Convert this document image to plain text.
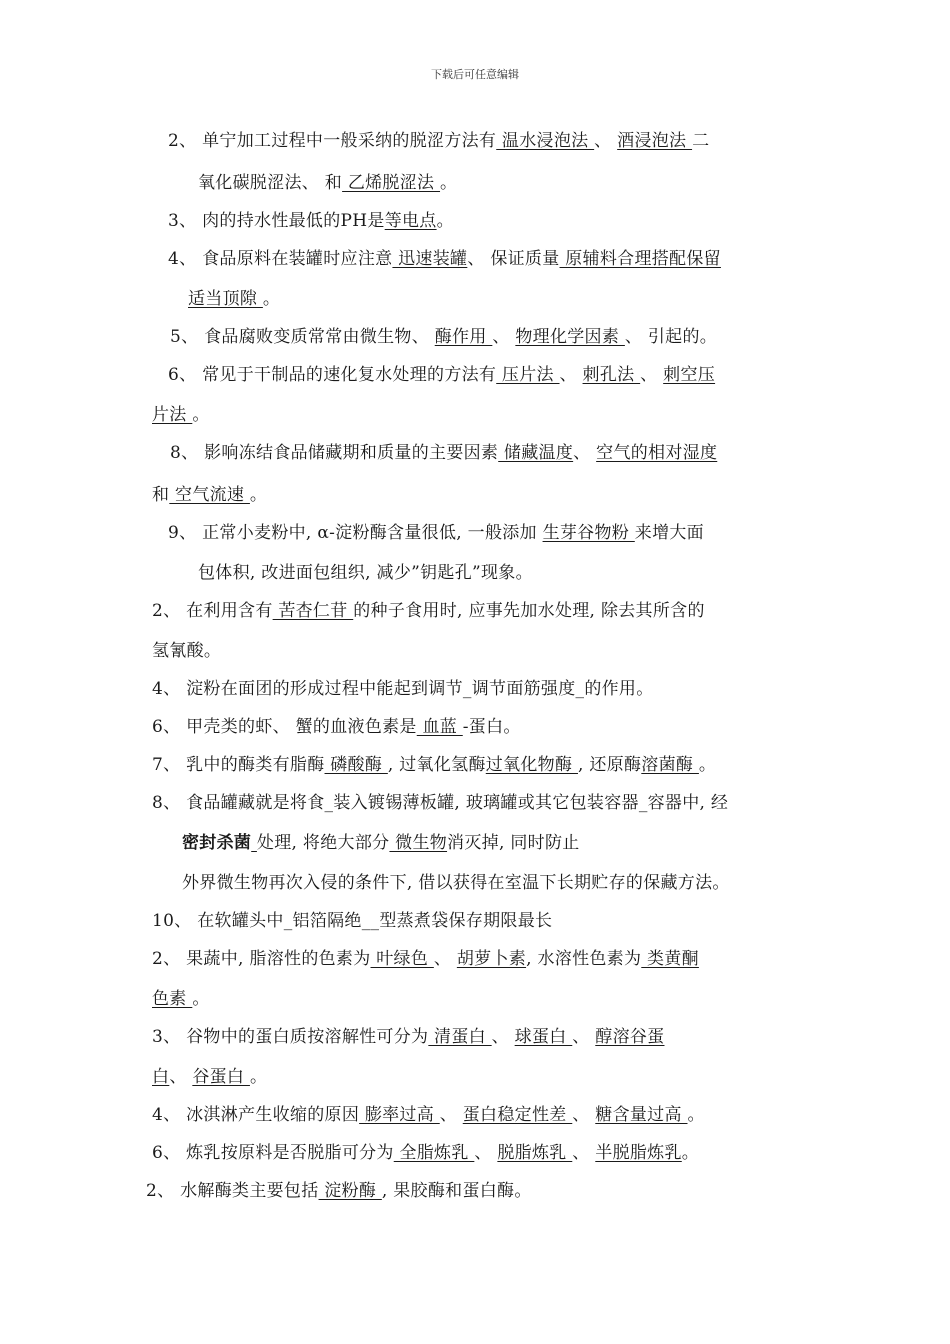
下载后可任意编辑
2、 单宁加工过程中一般采纳的脱涩方法有 温水浸泡法 、 酒浸泡法 二
氧化碳脱涩法、 和 乙烯脱涩法 。
3、 肉的持水性最低的PH是等电点。
4、 食品原料在装罐时应注意 迅速装罐、 保证质量 原辅料合理搭配保留
适当顶隙 。
5、 食品腐败变质常常由微生物、 酶作用 、 物理化学因素 、 引起的。
6、 常见于干制品的速化复水处理的方法有 压片法 、 刺孔法 、 刺空压
片法 。
8、 影响冻结食品储藏期和质量的主要因素 储藏温度、 空气的相对湿度
和 空气流速 。
9、 正常小麦粉中, α-淀粉酶含量很低, 一般添加 生芽谷物粉 来增大面
包体积, 改进面包组织, 减少”钥匙孔”现象。
2、 在利用含有 苦杏仁苷 的种子食用时, 应事先加水处理, 除去其所含的
氢氰酸。
4、 淀粉在面团的形成过程中能起到调节_调节面筋强度_的作用。
6、 甲壳类的虾、 蟹的血液色素是 血蓝 -蛋白。
7、 乳中的酶类有脂酶 磷酸酶 , 过氧化氢酶过氧化物酶 , 还原酶溶菌酶 。
8、 食品罐藏就是将食_装入镀锡薄板罐, 玻璃罐或其它包装容器_容器中, 经
密封杀菌 处理, 将绝大部分 微生物消灭掉, 同时防止
外界微生物再次入侵的条件下, 借以获得在室温下长期贮存的保藏方法。
10、 在软罐头中_铝箔隔绝__型蒸煮袋保存期限最长
2、 果蔬中, 脂溶性的色素为 叶绿色 、 胡萝卜素, 水溶性色素为 类黄酮
色素 。
3、 谷物中的蛋白质按溶解性可分为 清蛋白 、 球蛋白 、 醇溶谷蛋
白、 谷蛋白 。
4、 冰淇淋产生收缩的原因 膨率过高 、 蛋白稳定性差 、 糖含量过高 。
6、 炼乳按原料是否脱脂可分为 全脂炼乳 、 脱脂炼乳 、 半脱脂炼乳。
2、 水解酶类主要包括 淀粉酶 , 果胶酶和蛋白酶。
